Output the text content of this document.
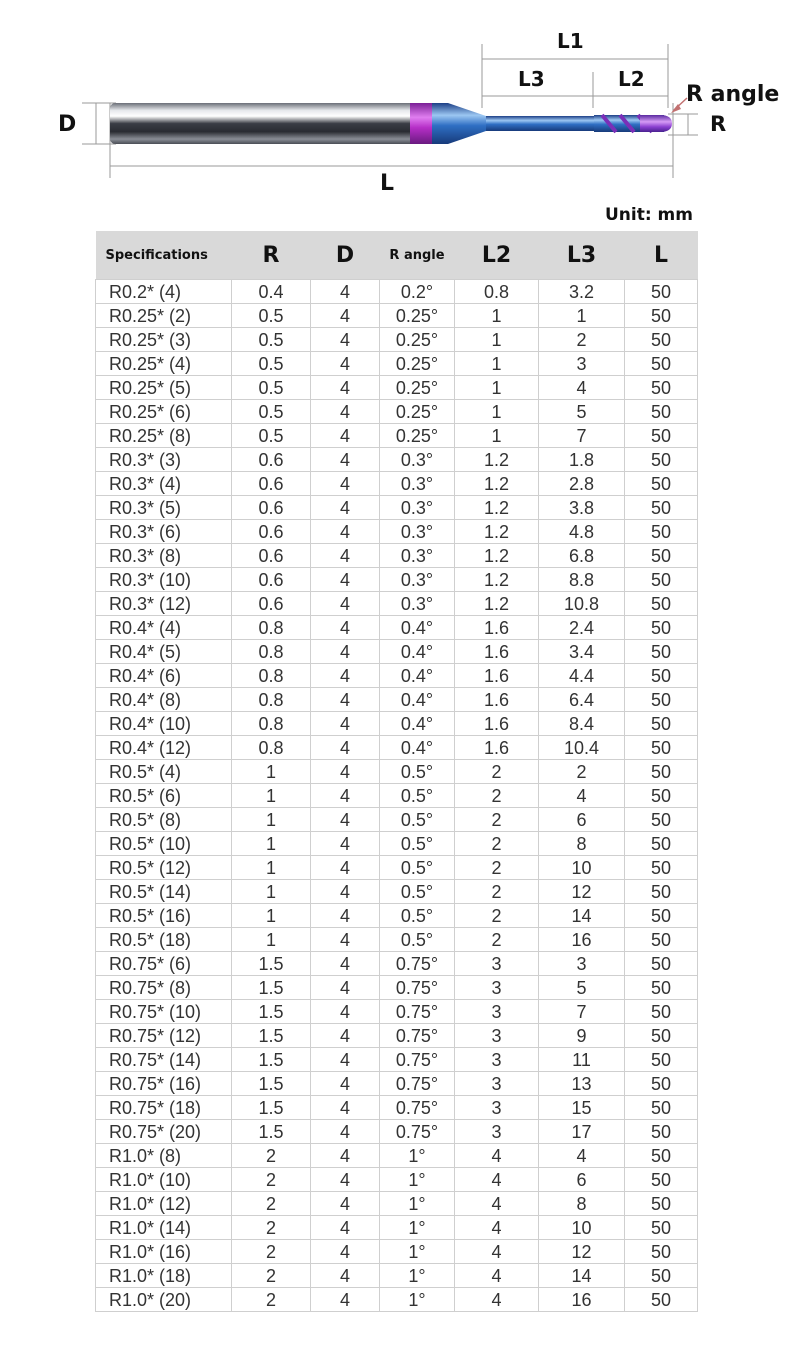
D
L
L1
L3	L2
R angle
R
Unit: mm
Specifications	R	D	R angle	L2	L3	L
R0.2* (4)	0.4	4	0.2°	0.8	3.2	50
R0.25* (2)	0.5	4	0.25°	1	1	50
R0.25* (3)	0.5	4	0.25°	1	2	50
R0.25* (4)	0.5	4	0.25°	1	3	50
R0.25* (5)	0.5	4	0.25°	1	4	50
R0.25* (6)	0.5	4	0.25°	1	5	50
R0.25* (8)	0.5	4	0.25°	1	7	50
R0.3* (3)	0.6	4	0.3°	1.2	1.8	50
R0.3* (4)	0.6	4	0.3°	1.2	2.8	50
R0.3* (5)	0.6	4	0.3°	1.2	3.8	50
R0.3* (6)	0.6	4	0.3°	1.2	4.8	50
R0.3* (8)	0.6	4	0.3°	1.2	6.8	50
R0.3* (10)	0.6	4	0.3°	1.2	8.8	50
R0.3* (12)	0.6	4	0.3°	1.2	10.8	50
R0.4* (4)	0.8	4	0.4°	1.6	2.4	50
R0.4* (5)	0.8	4	0.4°	1.6	3.4	50
R0.4* (6)	0.8	4	0.4°	1.6	4.4	50
R0.4* (8)	0.8	4	0.4°	1.6	6.4	50
R0.4* (10)	0.8	4	0.4°	1.6	8.4	50
R0.4* (12)	0.8	4	0.4°	1.6	10.4	50
R0.5* (4)	1	4	0.5°	2	2	50
R0.5* (6)	1	4	0.5°	2	4	50
R0.5* (8)	1	4	0.5°	2	6	50
R0.5* (10)	1	4	0.5°	2	8	50
R0.5* (12)	1	4	0.5°	2	10	50
R0.5* (14)	1	4	0.5°	2	12	50
R0.5* (16)	1	4	0.5°	2	14	50
R0.5* (18)	1	4	0.5°	2	16	50
R0.75* (6)	1.5	4	0.75°	3	3	50
R0.75* (8)	1.5	4	0.75°	3	5	50
R0.75* (10)	1.5	4	0.75°	3	7	50
R0.75* (12)	1.5	4	0.75°	3	9	50
R0.75* (14)	1.5	4	0.75°	3	11	50
R0.75* (16)	1.5	4	0.75°	3	13	50
R0.75* (18)	1.5	4	0.75°	3	15	50
R0.75* (20)	1.5	4	0.75°	3	17	50
R1.0* (8)	2	4	1°	4	4	50
R1.0* (10)	2	4	1°	4	6	50
R1.0* (12)	2	4	1°	4	8	50
R1.0* (14)	2	4	1°	4	10	50
R1.0* (16)	2	4	1°	4	12	50
R1.0* (18)	2	4	1°	4	14	50
R1.0* (20)	2	4	1°	4	16	50
